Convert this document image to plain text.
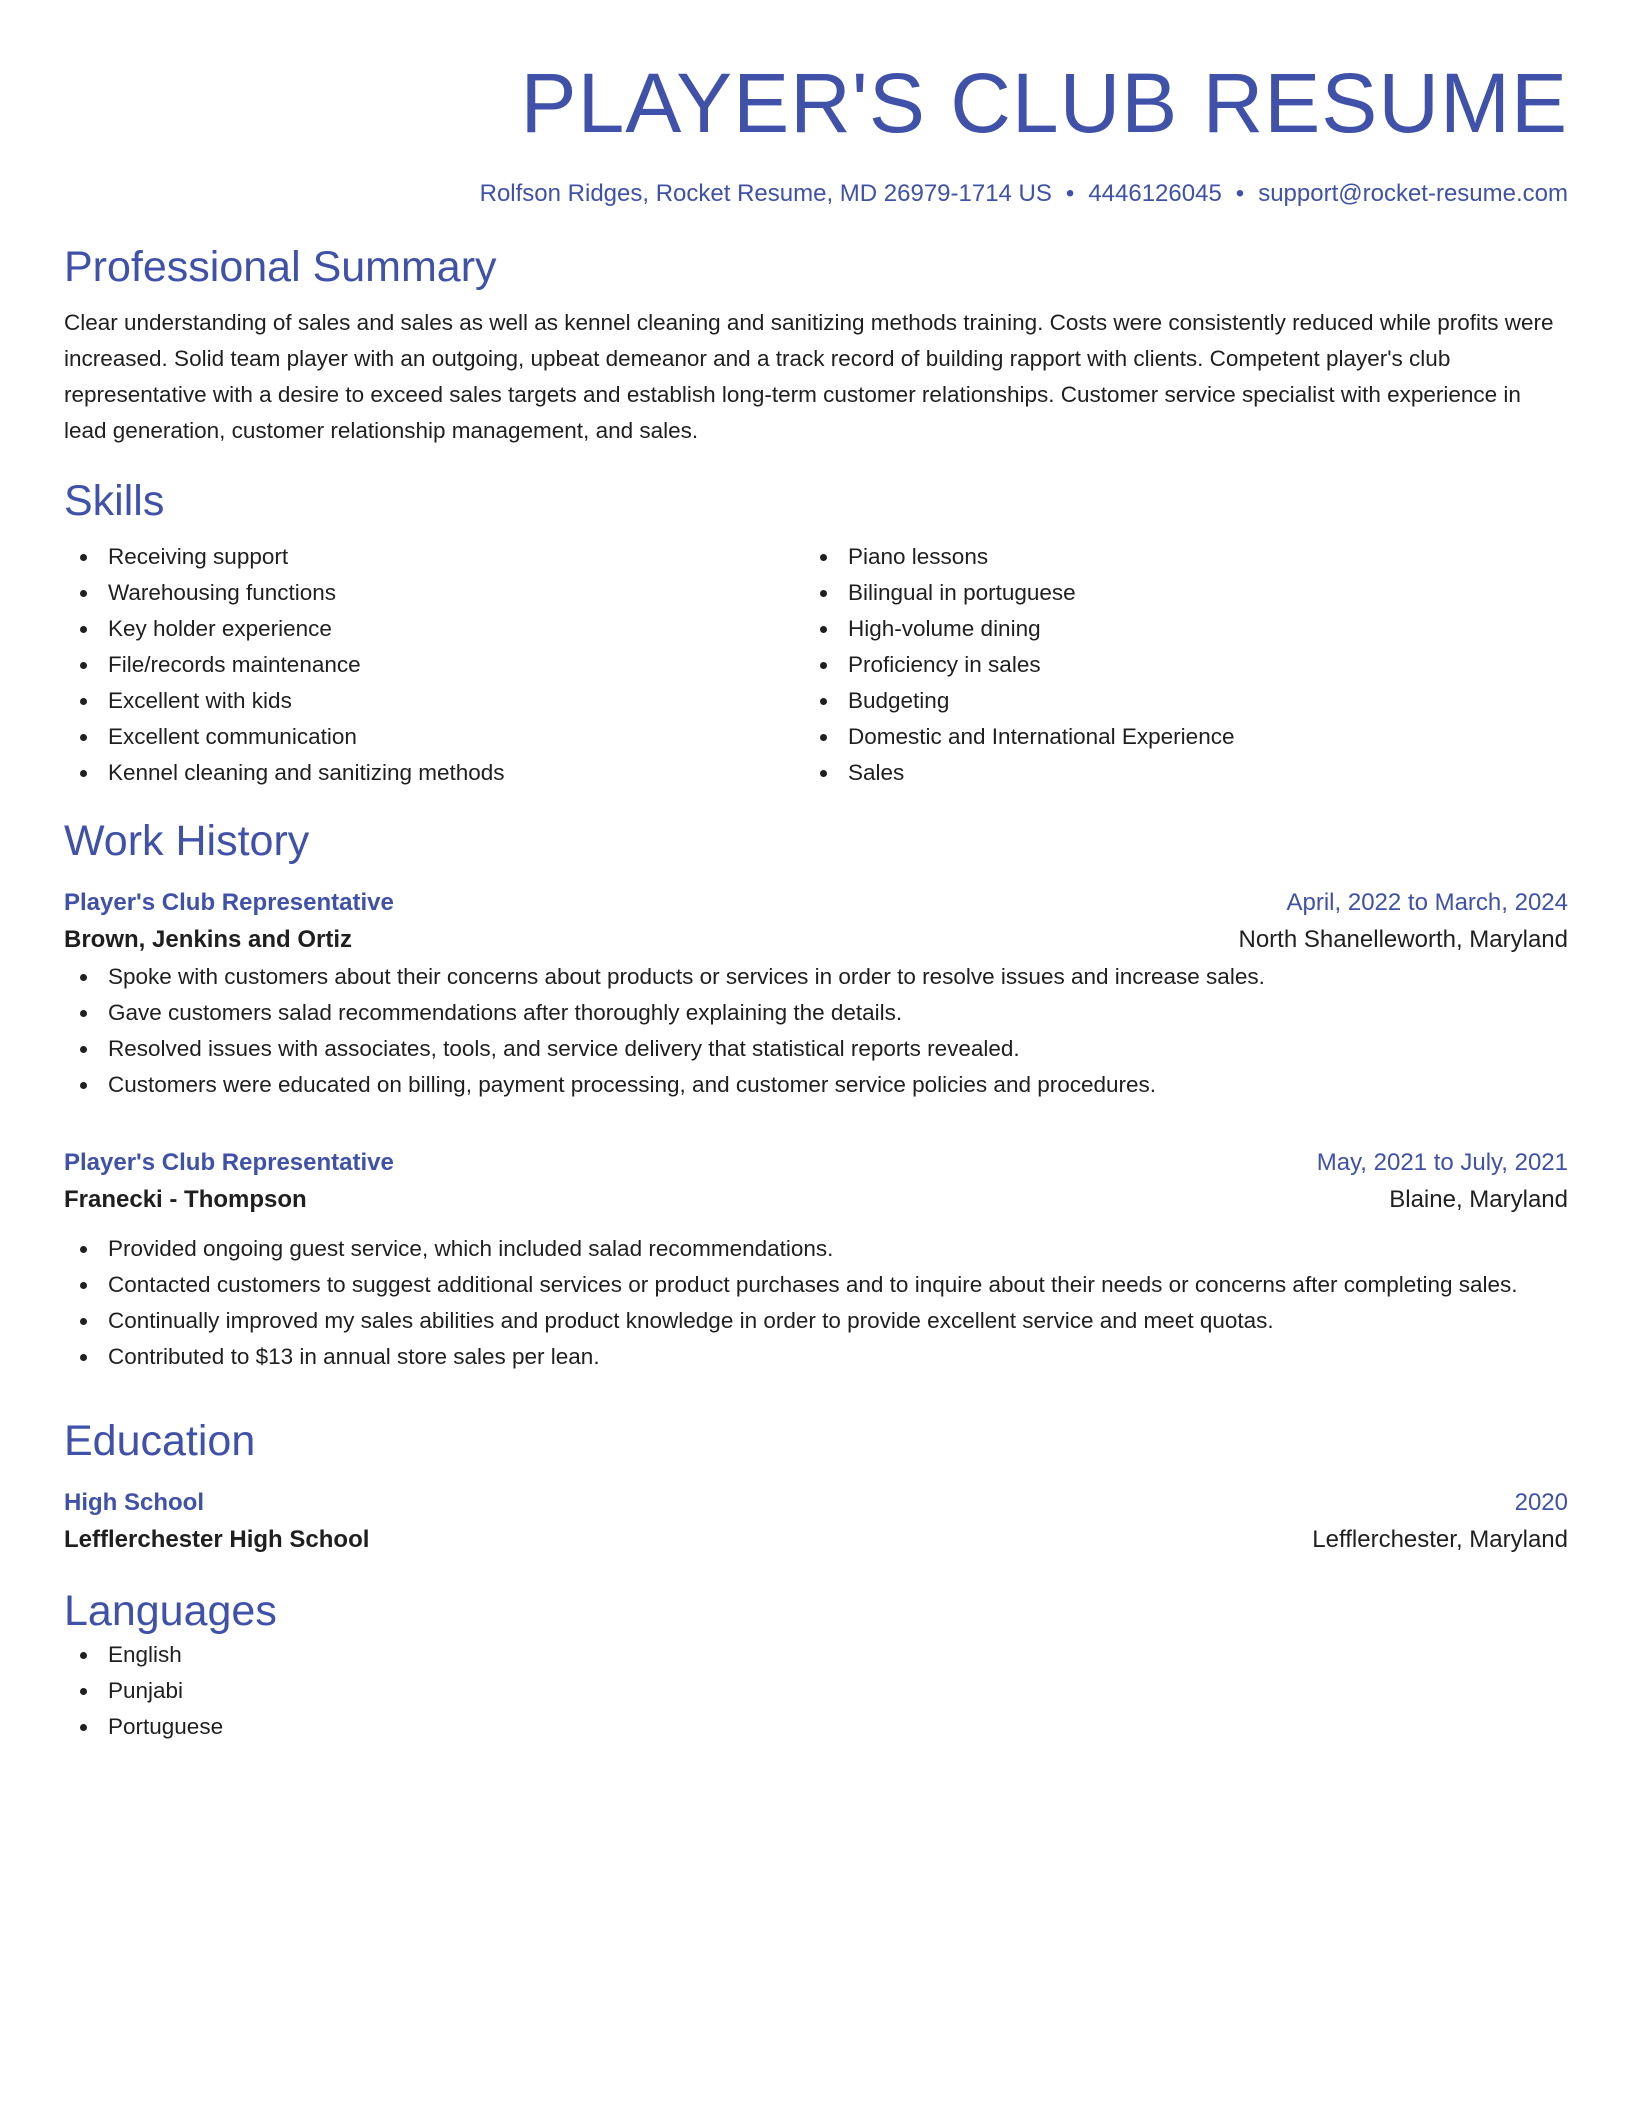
PLAYER'S CLUB RESUME
Rolfson Ridges, Rocket Resume, MD 26979-1714 US • 4446126045 • support@rocket-resume.com
Professional Summary

Clear understanding of sales and sales as well as kennel cleaning and sanitizing methods training. Costs were consistently reduced while profits were increased. Solid team player with an outgoing, upbeat demeanor and a track record of building rapport with clients. Competent player's club representative with a desire to exceed sales targets and establish long-term customer relationships. Customer service specialist with experience in lead generation, customer relationship management, and sales.

Skills
Receiving support
Warehousing functions
Key holder experience
File/records maintenance
Excellent with kids
Excellent communication
Kennel cleaning and sanitizing methods
Piano lessons
Bilingual in portuguese
High-volume dining
Proficiency in sales
Budgeting
Domestic and International Experience
Sales
Work History
Player's Club Representative	April, 2022 to March, 2024
Brown, Jenkins and Ortiz	North Shanelleworth, Maryland
Spoke with customers about their concerns about products or services in order to resolve issues and increase sales.
Gave customers salad recommendations after thoroughly explaining the details.
Resolved issues with associates, tools, and service delivery that statistical reports revealed.
Customers were educated on billing, payment processing, and customer service policies and procedures.
Player's Club Representative	May, 2021 to July, 2021
Franecki - Thompson	Blaine, Maryland
Provided ongoing guest service, which included salad recommendations.
Contacted customers to suggest additional services or product purchases and to inquire about their needs or concerns after completing sales.
Continually improved my sales abilities and product knowledge in order to provide excellent service and meet quotas.
Contributed to $13 in annual store sales per lean.
Education
High School	2020
Lefflerchester High School	Lefflerchester, Maryland
Languages
English
Punjabi
Portuguese
